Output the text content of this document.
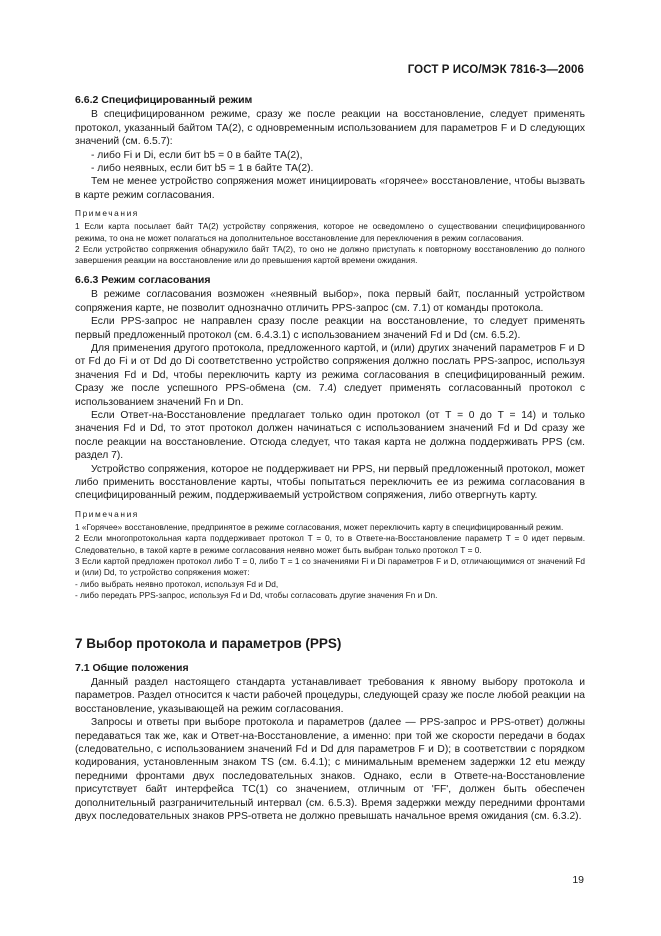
ГОСТ Р ИСО/МЭК 7816-3—2006
6.6.2 Специфицированный режим

В специфицированном режиме, сразу же после реакции на восстановление, следует применять протокол, указанный байтом ТА(2), с одновременным использованием для параметров F и D следующих значений (см. 6.5.7):

- либо Fi и Di, если бит b5 = 0 в байте ТА(2),

- либо неявных, если бит b5 = 1 в байте ТА(2).

Тем не менее устройство сопряжения может инициировать «горячее» восстановление, чтобы вызвать в карте режим согласования.

Примечания

1 Если карта посылает байт ТА(2) устройству сопряжения, которое не осведомлено о существовании специфицированного режима, то она не может полагаться на дополнительное восстановление для переключения в режим согласования.

2 Если устройство сопряжения обнаружило байт ТА(2), то оно не должно приступать к повторному восстановлению до полного завершения реакции на восстановление или до превышения картой времени ожидания.

6.6.3 Режим согласования

В режиме согласования возможен «неявный выбор», пока первый байт, посланный устройством сопряжения карте, не позволит однозначно отличить PPS-запрос (см. 7.1) от команды протокола.

Если PPS-запрос не направлен сразу после реакции на восстановление, то следует применять первый предложенный протокол (см. 6.4.3.1) с использованием значений Fd и Dd (см. 6.5.2).

Для применения другого протокола, предложенного картой, и (или) других значений параметров F и D от Fd до Fi и от Dd до Di соответственно устройство сопряжения должно послать PPS-запрос, используя значения Fd и Dd, чтобы переключить карту из режима согласования в специфицированный режим. Сразу же после успешного PPS-обмена (см. 7.4) следует применять согласованный протокол с использованием значений Fn и Dn.

Если Ответ-на-Восстановление предлагает только один протокол (от Т = 0 до Т = 14) и только значения Fd и Dd, то этот протокол должен начинаться с использованием значений Fd и Dd сразу же после реакции на восстановление. Отсюда следует, что такая карта не должна поддерживать PPS (см. раздел 7).

Устройство сопряжения, которое не поддерживает ни PPS, ни первый предложенный протокол, может либо применить восстановление карты, чтобы попытаться переключить ее из режима согласования в специфицированный режим, поддерживаемый устройством сопряжения, либо отвергнуть карту.

Примечания

1 «Горячее» восстановление, предпринятое в режиме согласования, может переключить карту в специфицированный режим.

2 Если многопротокольная карта поддерживает протокол Т = 0, то в Ответе-на-Восстановление параметр Т = 0 идет первым. Следовательно, в такой карте в режиме согласования неявно может быть выбран только протокол Т = 0.

3 Если картой предложен протокол либо Т = 0, либо Т = 1 со значениями Fi и Di параметров F и D, отличающимися от значений Fd и (или) Dd, то устройство сопряжения может:

- либо выбрать неявно протокол, используя Fd и Dd,

- либо передать PPS-запрос, используя Fd и Dd, чтобы согласовать другие значения Fn и Dn.

7 Выбор протокола и параметров (PPS)
7.1 Общие положения

Данный раздел настоящего стандарта устанавливает требования к явному выбору протокола и параметров. Раздел относится к части рабочей процедуры, следующей сразу же после любой реакции на восстановление, указывающей на режим согласования.

Запросы и ответы при выборе протокола и параметров (далее — PPS-запрос и PPS-ответ) должны передаваться так же, как и Ответ-на-Восстановление, а именно: при той же скорости передачи в бодах (следовательно, с использованием значений Fd и Dd для параметров F и D); в соответствии с порядком кодирования, установленным знаком TS (см. 6.4.1); с минимальным временем задержки 12 etu между передними фронтами двух последовательных знаков. Однако, если в Ответе-на-Восстановление присутствует байт интерфейса ТС(1) со значением, отличным от 'FF', должен быть обеспечен дополнительный разграничительный интервал (см. 6.5.3). Время задержки между передними фронтами двух последовательных знаков PPS-ответа не должно превышать начальное время ожидания (см. 6.3.2).

19
